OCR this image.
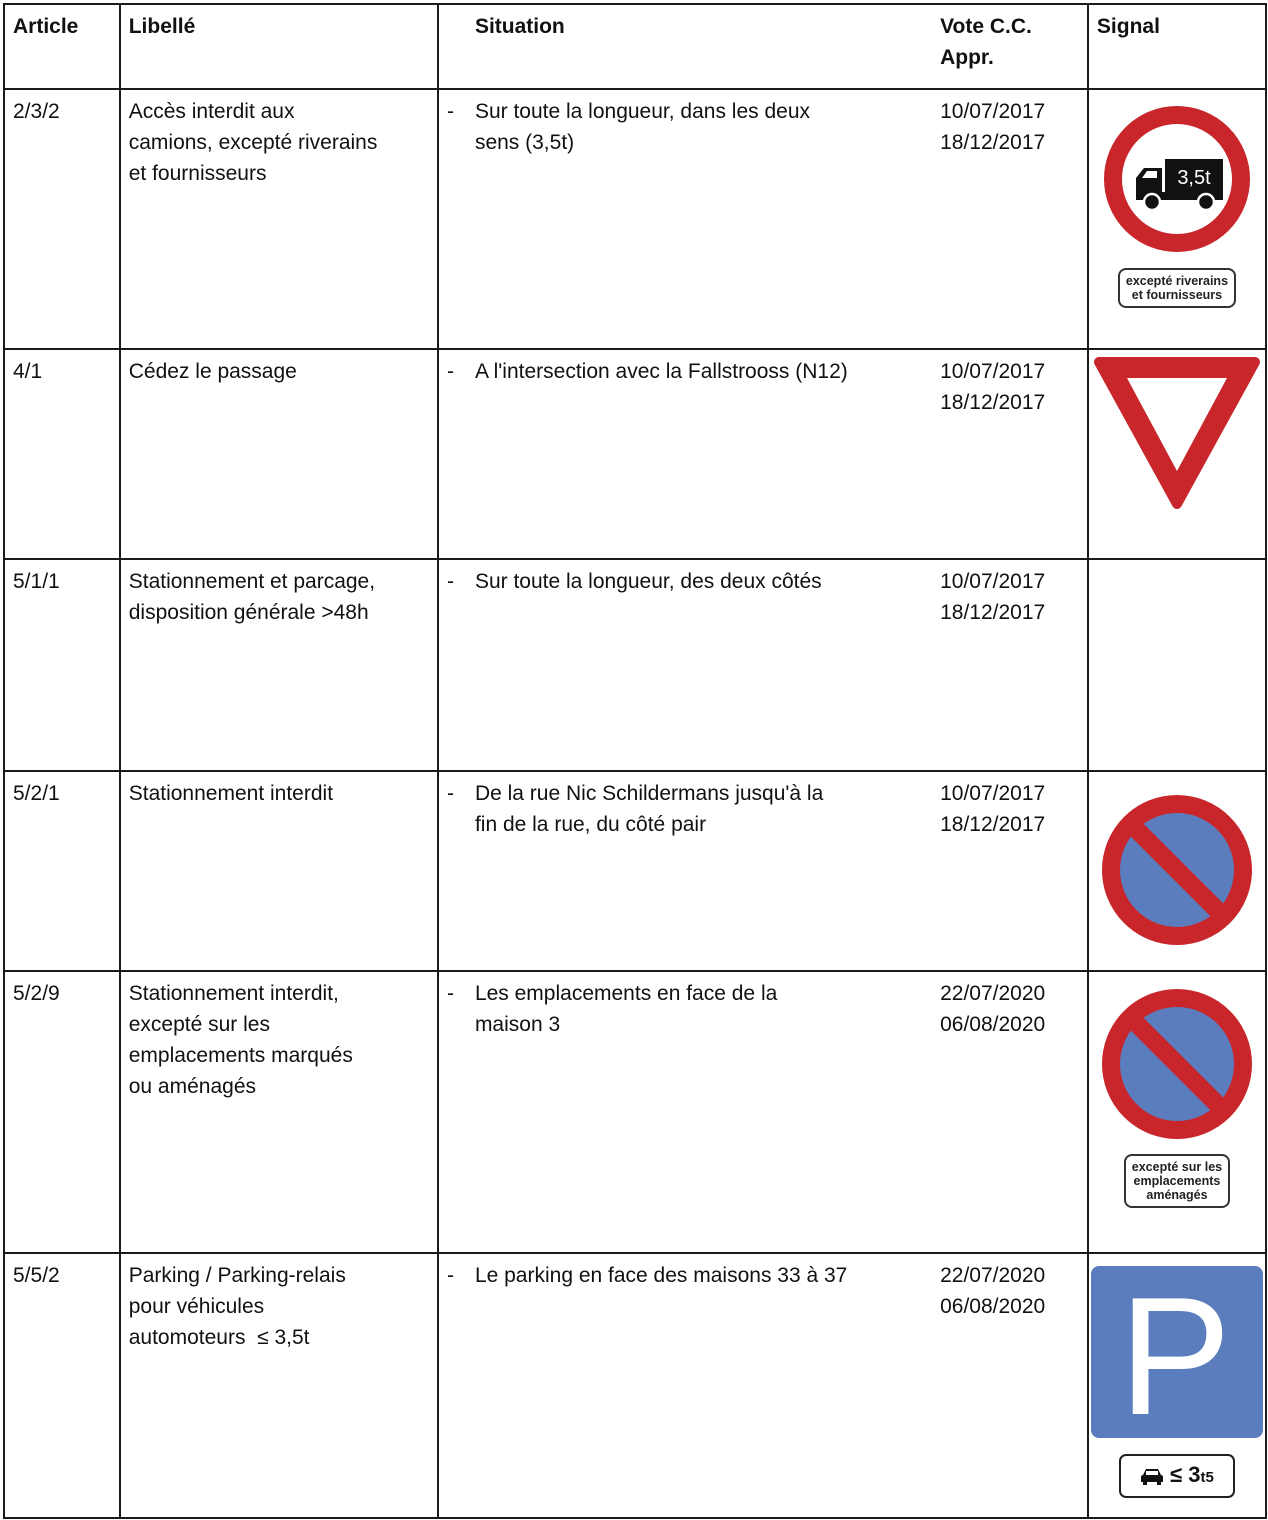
Article	Libellé		Situation	Vote C.C.
Appr.	Signal
2/3/2	Accès interdit aux
camions, excepté riverains
et fournisseurs	-	Sur toute la longueur, dans les deux
sens (3,5t)	10/07/2017
18/12/2017	3,5t
excepté riverains
et fournisseurs

4/1	Cédez le passage	-	A l'intersection avec la Fallstrooss (N12)	10/07/2017
18/12/2017

5/1/1	Stationnement et parcage,
disposition générale >48h	-	Sur toute la longueur, des deux côtés	10/07/2017
18/12/2017	

5/2/1	Stationnement interdit	-	De la rue Nic Schildermans jusqu'à la
fin de la rue, du côté pair	10/07/2017
18/12/2017

5/2/9	Stationnement interdit,
excepté sur les
emplacements marqués
ou aménagés	-	Les emplacements en face de la
maison 3	22/07/2020
06/08/2020	excepté sur les
emplacements
aménagés

5/5/2	Parking / Parking-relais
pour véhicules
automoteurs  ≤ 3,5t	-	Le parking en face des maisons 33 à 37	22/07/2020
06/08/2020	P
≤ 3t5
